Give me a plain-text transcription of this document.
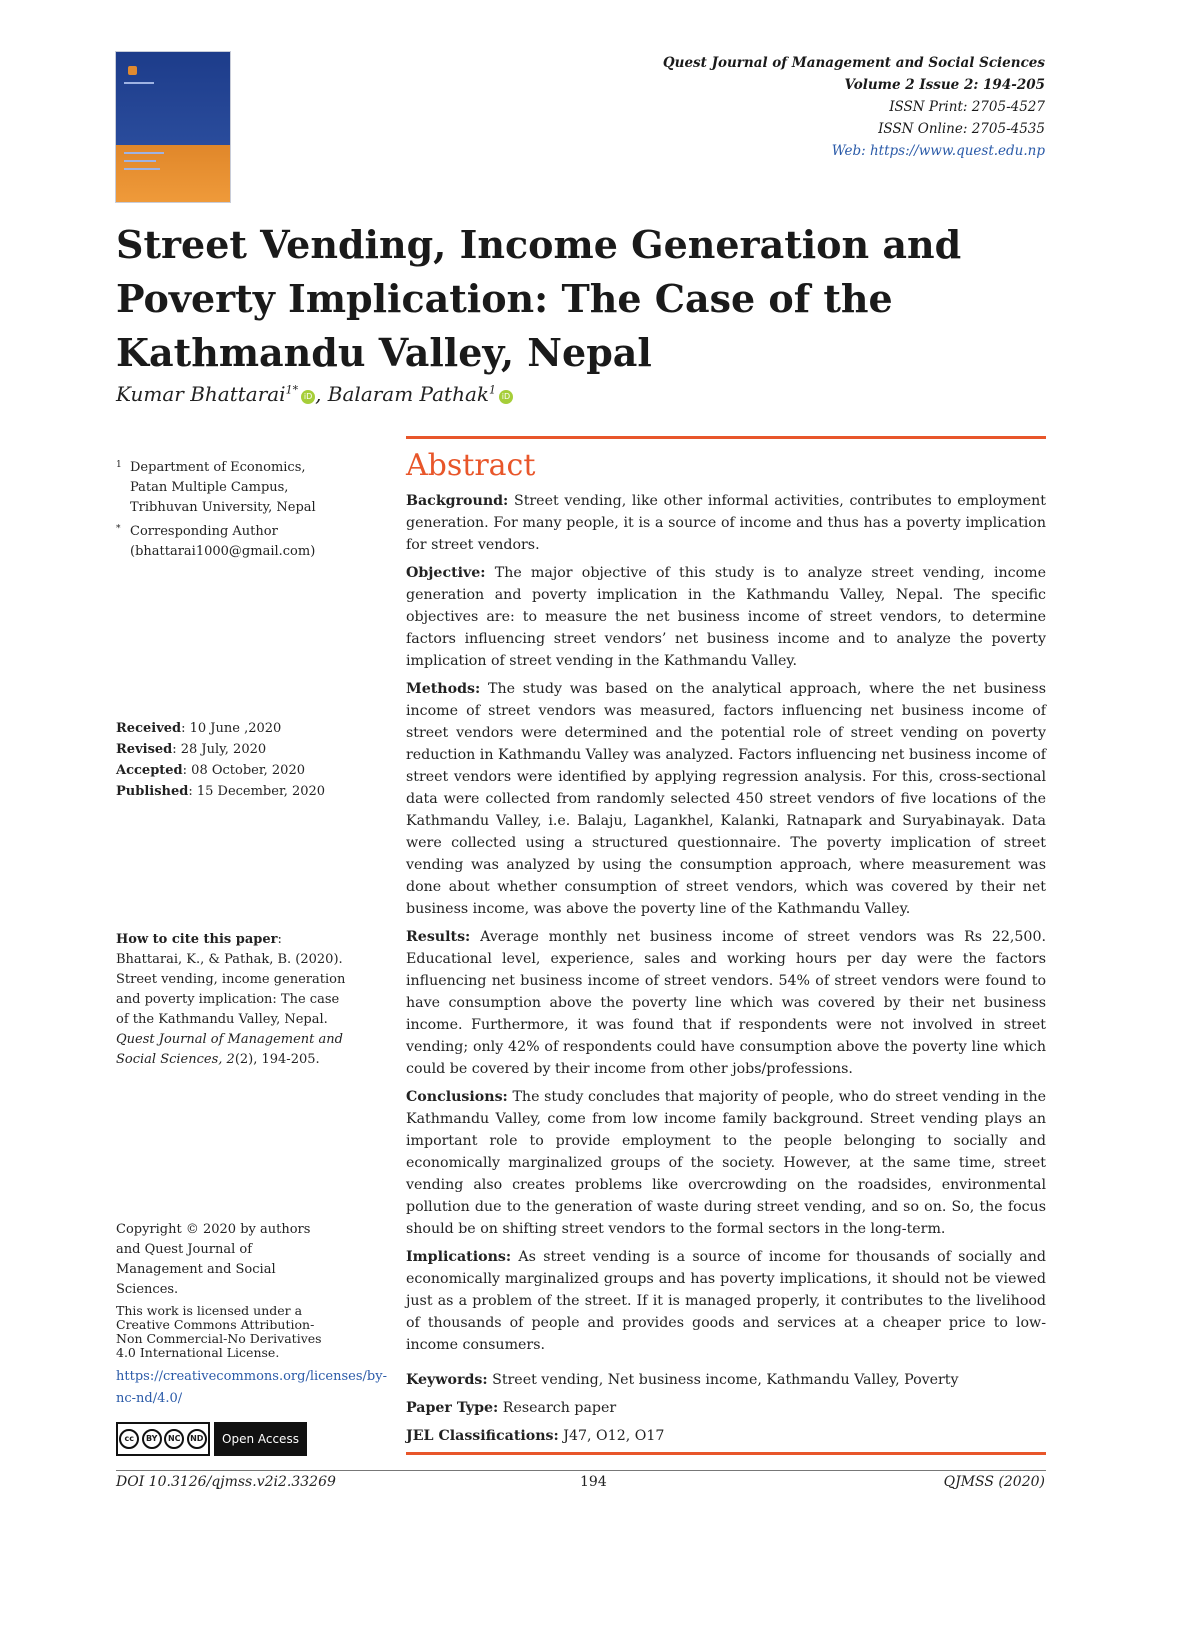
Quest Journal of Management and Social Sciences
Volume 2 Issue 2: 194-205
ISSN Print: 2705-4527
ISSN Online: 2705-4535
Web: https://www.quest.edu.np
Street Vending, Income Generation and Poverty Implication: The Case of the Kathmandu Valley, Nepal
Kumar Bhattarai$^{1*}$iD , Balaram Pathak$^1$iD
1 Department of Economics, Patan Multiple Campus, Tribhuvan University, Nepal
* Corresponding Author
(bhattarai1000@gmail.com)
Received: 10 June ,2020
Revised: 28 July, 2020
Accepted: 08 October, 2020
Published: 15 December, 2020
How to cite this paper: Bhattarai, K., & Pathak, B. (2020). Street vending, income generation and poverty implication: The case of the Kathmandu Valley, Nepal. Quest Journal of Management and Social Sciences, 2(2), 194-205.
Copyright © 2020 by authors and Quest Journal of Management and Social Sciences.
This work is licensed under a Creative Commons Attribution-Non Commercial-No Derivatives 4.0 International License.
https://creativecommons.org/licenses/by-nc-nd/4.0/
cc	BY	NC	ND	Open Access
Abstract

Background: Street vending, like other informal activities, contributes to employment generation. For many people, it is a source of income and thus has a poverty implication for street vendors.

Objective: The major objective of this study is to analyze street vending, income generation and poverty implication in the Kathmandu Valley, Nepal. The specific objectives are: to measure the net business income of street vendors, to determine factors influencing street vendors’ net business income and to analyze the poverty implication of street vending in the Kathmandu Valley.

Methods: The study was based on the analytical approach, where the net business income of street vendors was measured, factors influencing net business income of street vendors were determined and the potential role of street vending on poverty reduction in Kathmandu Valley was analyzed. Factors influencing net business income of street vendors were identified by applying regression analysis. For this, cross-sectional data were collected from randomly selected 450 street vendors of five locations of the Kathmandu Valley, i.e. Balaju, Lagankhel, Kalanki, Ratnapark and Suryabinayak. Data were collected using a structured questionnaire. The poverty implication of street vending was analyzed by using the consumption approach, where measurement was done about whether consumption of street vendors, which was covered by their net business income, was above the poverty line of the Kathmandu Valley.

Results: Average monthly net business income of street vendors was Rs 22,500. Educational level, experience, sales and working hours per day were the factors influencing net business income of street vendors. 54% of street vendors were found to have consumption above the poverty line which was covered by their net business income. Furthermore, it was found that if respondents were not involved in street vending; only 42% of respondents could have consumption above the poverty line which could be covered by their income from other jobs/professions.

Conclusions: The study concludes that majority of people, who do street vending in the Kathmandu Valley, come from low income family background. Street vending plays an important role to provide employment to the people belonging to socially and economically marginalized groups of the society. However, at the same time, street vending also creates problems like overcrowding on the roadsides, environmental pollution due to the generation of waste during street vending, and so on. So, the focus should be on shifting street vendors to the formal sectors in the long-term.

Implications: As street vending is a source of income for thousands of socially and economically marginalized groups and has poverty implications, it should not be viewed just as a problem of the street. If it is managed properly, it contributes to the livelihood of thousands of people and provides goods and services at a cheaper price to low-income consumers.

Keywords: Street vending, Net business income, Kathmandu Valley, Poverty
Paper Type: Research paper
JEL Classifications: J47, O12, O17
DOI 10.3126/qjmss.v2i2.33269	194	QJMSS (2020)
